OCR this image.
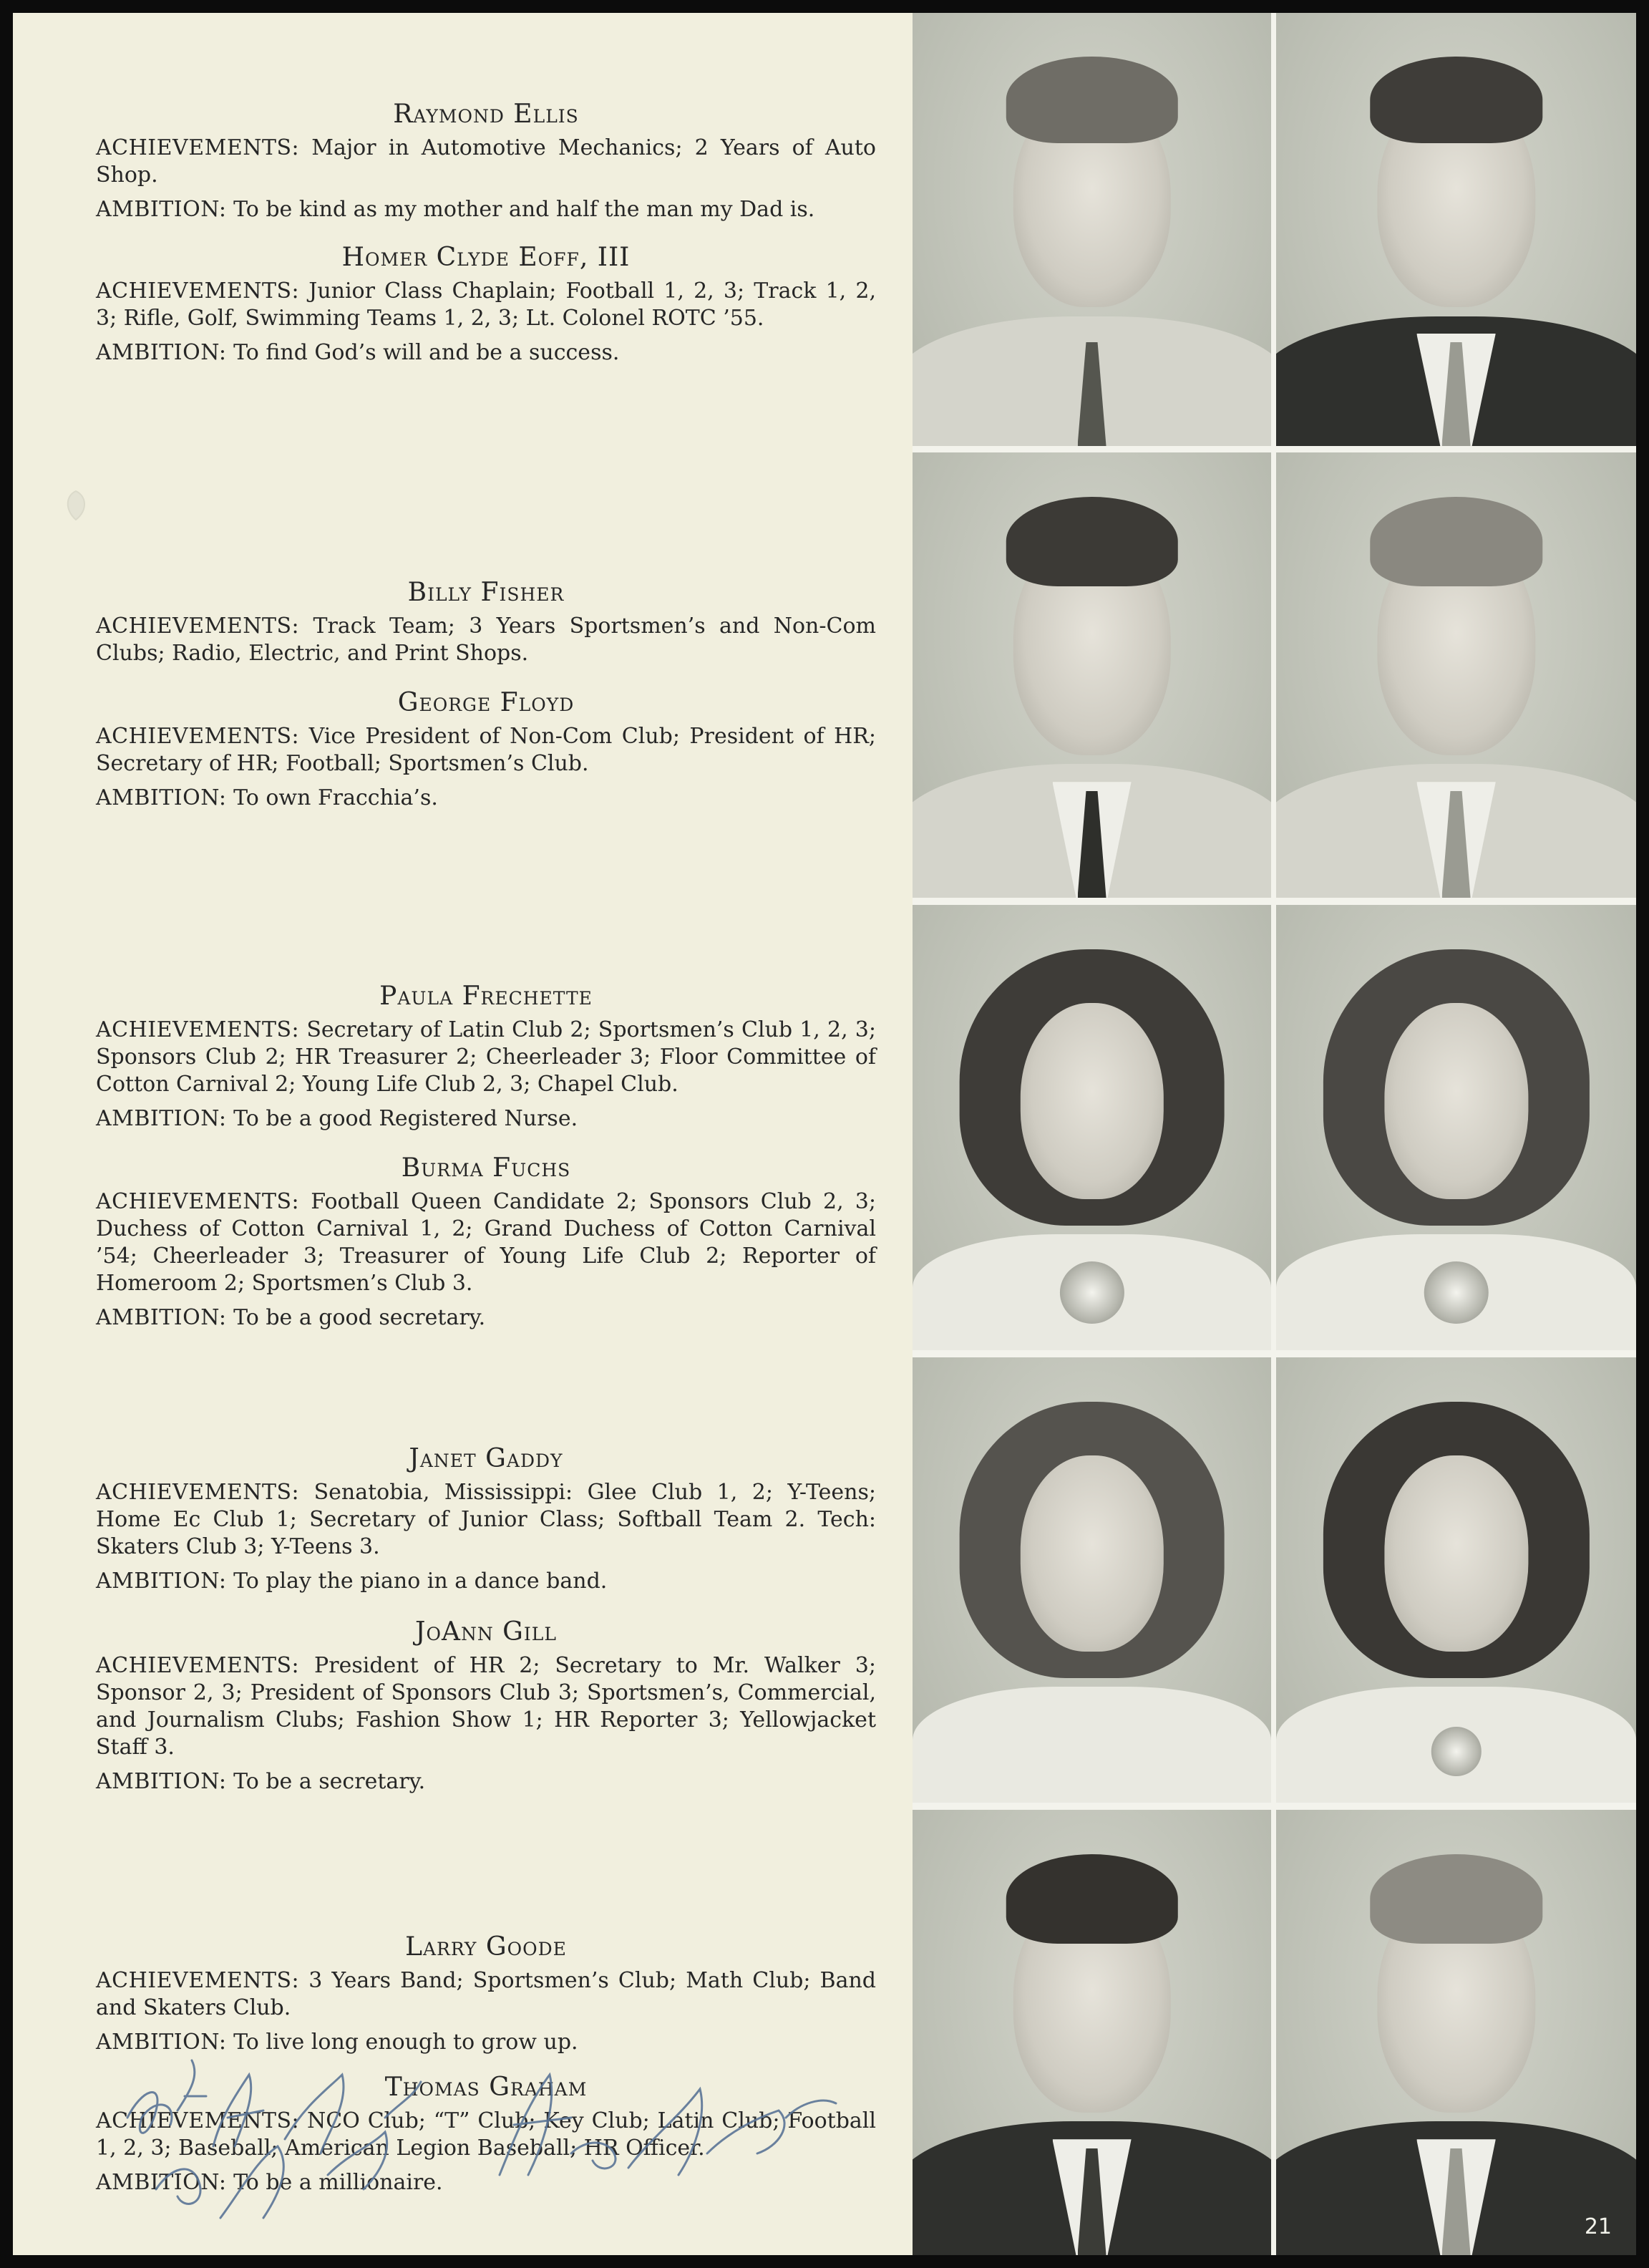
Raymond Ellis

ACHIEVEMENTS: Major in Automotive Mechanics; 2 Years of Auto Shop.

AMBITION: To be kind as my mother and half the man my Dad is.

Homer Clyde Eoff, III

ACHIEVEMENTS: Junior Class Chaplain; Football 1, 2, 3; Track 1, 2, 3; Rifle, Golf, Swimming Teams 1, 2, 3; Lt. Colonel ROTC ’55.

AMBITION: To find God’s will and be a success.

Billy Fisher

ACHIEVEMENTS: Track Team; 3 Years Sportsmen’s and Non-Com Clubs; Radio, Electric, and Print Shops.

George Floyd

ACHIEVEMENTS: Vice President of Non-Com Club; President of HR; Secretary of HR; Football; Sportsmen’s Club.

AMBITION: To own Fracchia’s.

Paula Frechette

ACHIEVEMENTS: Secretary of Latin Club 2; Sportsmen’s Club 1, 2, 3; Sponsors Club 2; HR Treasurer 2; Cheerleader 3; Floor Committee of Cotton Carnival 2; Young Life Club 2, 3; Chapel Club.

AMBITION: To be a good Registered Nurse.

Burma Fuchs

ACHIEVEMENTS: Football Queen Candidate 2; Sponsors Club 2, 3; Duchess of Cotton Carnival 1, 2; Grand Duchess of Cotton Carnival ’54; Cheerleader 3; Treasurer of Young Life Club 2; Reporter of Homeroom 2; Sportsmen’s Club 3.

AMBITION: To be a good secretary.

Janet Gaddy

ACHIEVEMENTS: Senatobia, Mississippi: Glee Club 1, 2; Y-Teens; Home Ec Club 1; Secretary of Junior Class; Softball Team 2. Tech: Skaters Club 3; Y-Teens 3.

AMBITION: To play the piano in a dance band.

JoAnn Gill

ACHIEVEMENTS: President of HR 2; Secretary to Mr. Walker 3; Sponsor 2, 3; President of Sponsors Club 3; Sportsmen’s, Commercial, and Journalism Clubs; Fashion Show 1; HR Reporter 3; Yellowjacket Staff 3.

AMBITION: To be a secretary.

Larry Goode

ACHIEVEMENTS: 3 Years Band; Sportsmen’s Club; Math Club; Band and Skaters Club.

AMBITION: To live long enough to grow up.

Thomas Graham

ACHIEVEMENTS: NCO Club; “T” Club; Key Club; Latin Club; Football 1, 2, 3; Baseball; American Legion Baseball; HR Officer.

AMBITION: To be a millionaire.

21
